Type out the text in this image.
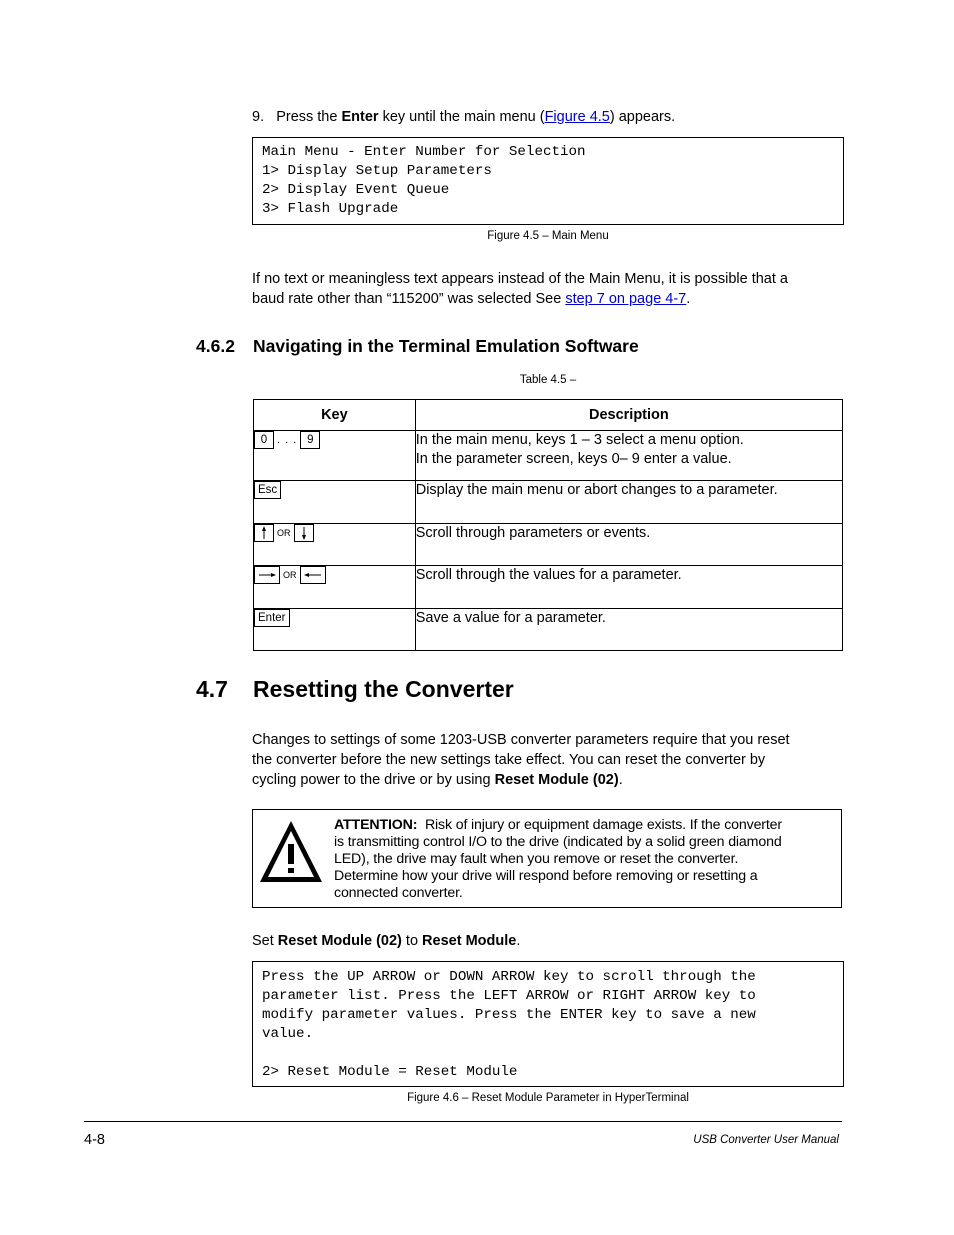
9. Press the Enter key until the main menu (Figure 4.5) appears.
Main Menu - Enter Number for Selection
1> Display Setup Parameters
2> Display Event Queue
3> Flash Upgrade
Figure 4.5 – Main Menu
If no text or meaningless text appears instead of the Main Menu, it is possible that a
baud rate other than “115200” was selected See step 7 on page 4-7.
4.6.2 Navigating in the Terminal Emulation Software
Table 4.5 –
Key	Description
0 . . . 9	In the main menu, keys 1 – 3 select a menu option.
In the parameter screen, keys 0– 9 enter a value.

Esc	Display the main menu or abort changes to a parameter.
OR	Scroll through parameters or events.
OR	Scroll through the values for a parameter.
Enter	Save a value for a parameter.
4.7 Resetting the Converter
Changes to settings of some 1203-USB converter parameters require that you reset
the converter before the new settings take effect. You can reset the converter by
cycling power to the drive or by using Reset Module (02).
ATTENTION: Risk of injury or equipment damage exists. If the converter
is transmitting control I/O to the drive (indicated by a solid green diamond
LED), the drive may fault when you remove or reset the converter.
Determine how your drive will respond before removing or resetting a
connected converter.
Set Reset Module (02) to Reset Module.
Press the UP ARROW or DOWN ARROW key to scroll through the
parameter list. Press the LEFT ARROW or RIGHT ARROW key to
modify parameter values. Press the ENTER key to save a new
value.
2> Reset Module = Reset Module
Figure 4.6 – Reset Module Parameter in HyperTerminal
4-8	USB Converter User Manual
